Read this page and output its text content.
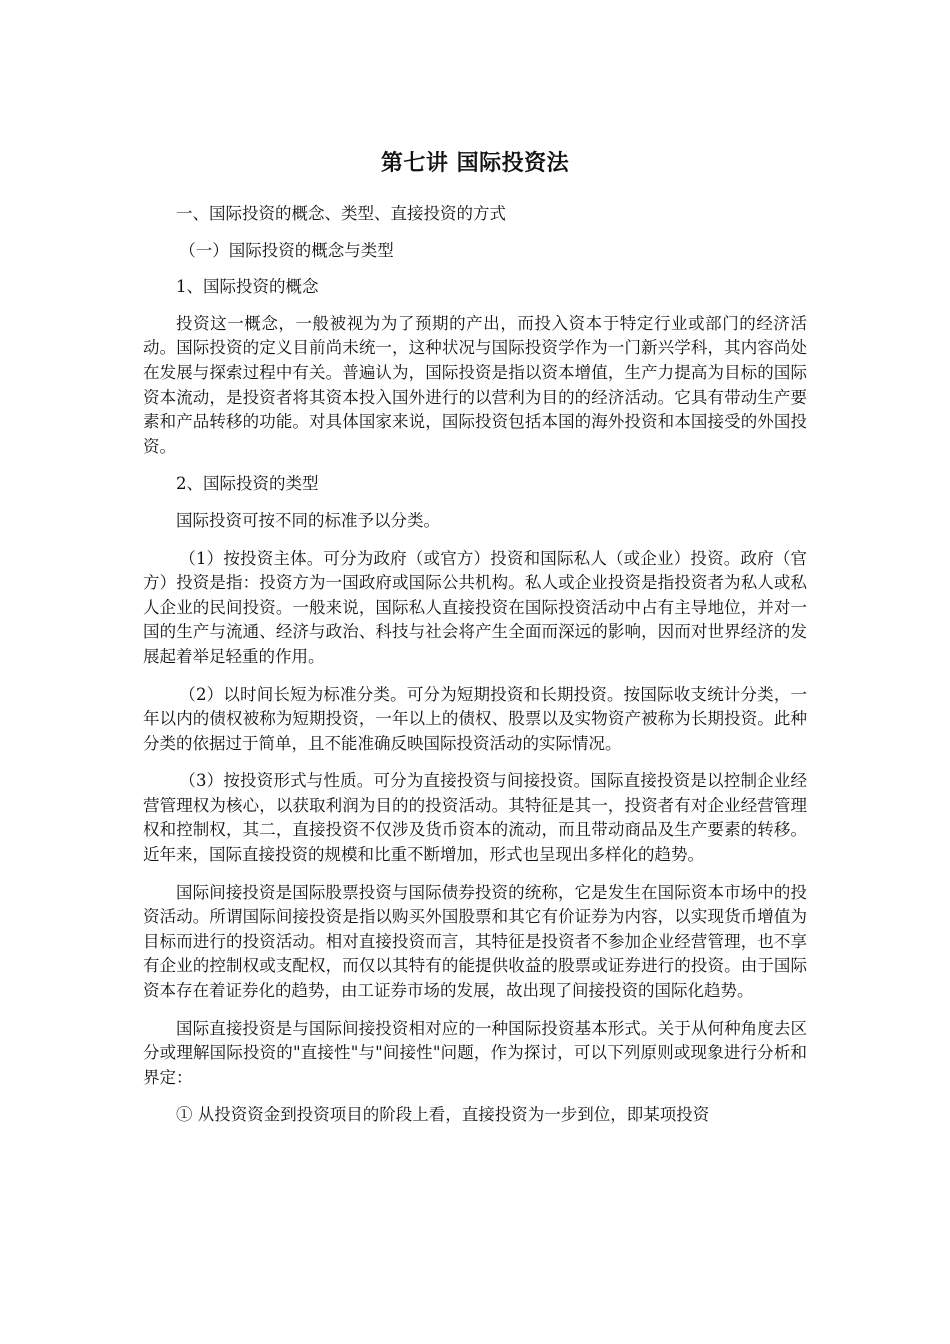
第七讲 国际投资法

一、国际投资的概念、类型、直接投资的方式

（一）国际投资的概念与类型

1、国际投资的概念

投资这一概念，一般被视为为了预期的产出，而投入资本于特定行业或部门的经济活动。国际投资的定义目前尚未统一，这种状况与国际投资学作为一门新兴学科，其内容尚处在发展与探索过程中有关。普遍认为，国际投资是指以资本增值，生产力提高为目标的国际资本流动，是投资者将其资本投入国外进行的以营利为目的的经济活动。它具有带动生产要素和产品转移的功能。对具体国家来说，国际投资包括本国的海外投资和本国接受的外国投资。

2、国际投资的类型

国际投资可按不同的标准予以分类。

（1）按投资主体。可分为政府（或官方）投资和国际私人（或企业）投资。政府（官方）投资是指：投资方为一国政府或国际公共机构。私人或企业投资是指投资者为私人或私人企业的民间投资。一般来说，国际私人直接投资在国际投资活动中占有主导地位，并对一国的生产与流通、经济与政治、科技与社会将产生全面而深远的影响，因而对世界经济的发展起着举足轻重的作用。

（2）以时间长短为标准分类。可分为短期投资和长期投资。按国际收支统计分类，一年以内的债权被称为短期投资，一年以上的债权、股票以及实物资产被称为长期投资。此种分类的依据过于简单，且不能准确反映国际投资活动的实际情况。

（3）按投资形式与性质。可分为直接投资与间接投资。国际直接投资是以控制企业经营管理权为核心，以获取利润为目的的投资活动。其特征是其一，投资者有对企业经营管理权和控制权，其二，直接投资不仅涉及货币资本的流动，而且带动商品及生产要素的转移。近年来，国际直接投资的规模和比重不断增加，形式也呈现出多样化的趋势。

国际间接投资是国际股票投资与国际债券投资的统称，它是发生在国际资本市场中的投资活动。所谓国际间接投资是指以购买外国股票和其它有价证券为内容，以实现货币增值为目标而进行的投资活动。相对直接投资而言，其特征是投资者不参加企业经营管理，也不享有企业的控制权或支配权，而仅以其特有的能提供收益的股票或证券进行的投资。由于国际资本存在着证券化的趋势，由工证券市场的发展，故出现了间接投资的国际化趋势。

国际直接投资是与国际间接投资相对应的一种国际投资基本形式。关于从何种角度去区分或理解国际投资的"直接性"与"间接性"问题，作为探讨，可以下列原则或现象进行分析和界定：

① 从投资资金到投资项目的阶段上看，直接投资为一步到位，即某项投资
